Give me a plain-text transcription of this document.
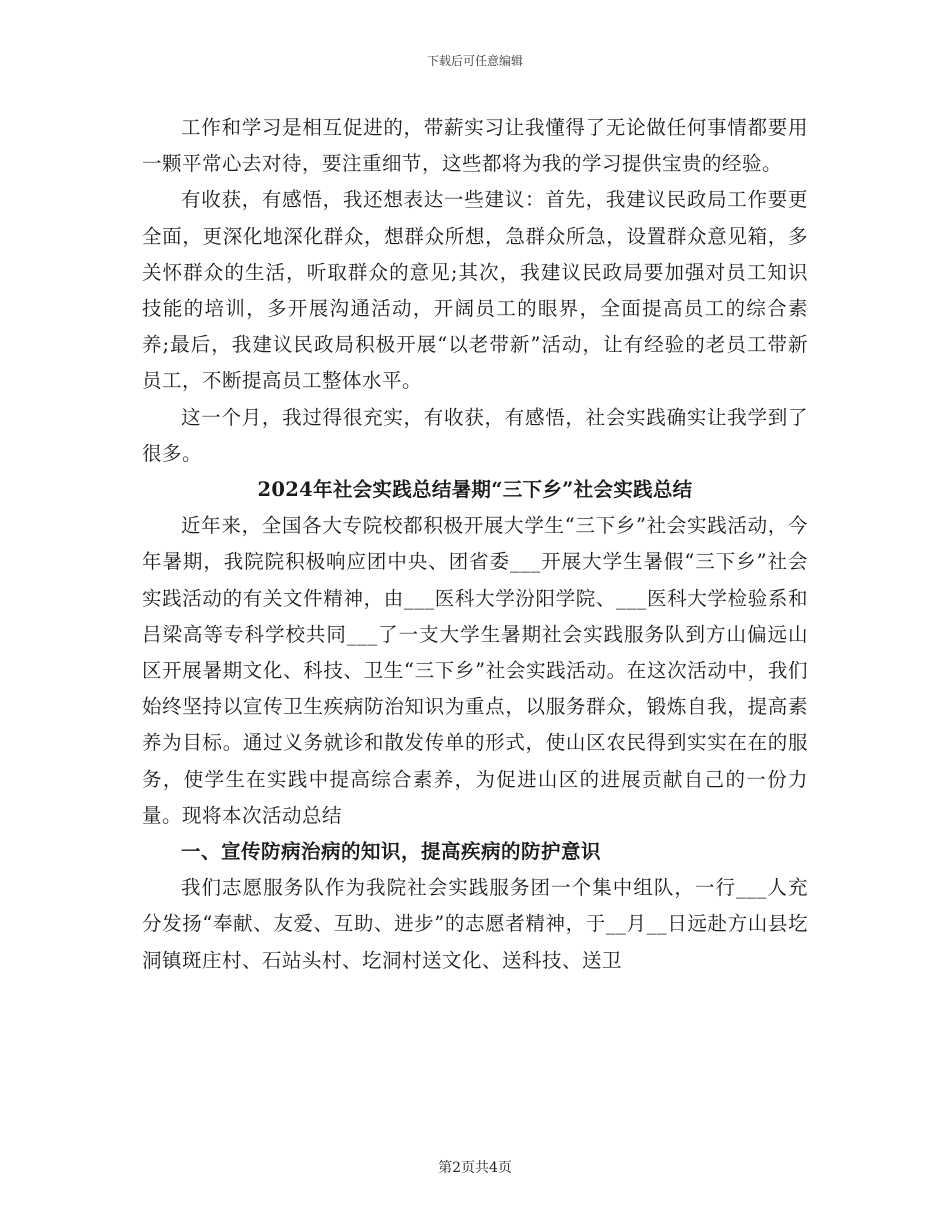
下载后可任意编辑

工作和学习是相互促进的，带薪实习让我懂得了无论做任何事情都要用一颗平常心去对待，要注重细节，这些都将为我的学习提供宝贵的经验。

有收获，有感悟，我还想表达一些建议：首先，我建议民政局工作要更全面，更深化地深化群众，想群众所想，急群众所急，设置群众意见箱，多关怀群众的生活，听取群众的意见;其次，我建议民政局要加强对员工知识技能的培训，多开展沟通活动，开阔员工的眼界，全面提高员工的综合素养;最后，我建议民政局积极开展“以老带新”活动，让有经验的老员工带新员工，不断提高员工整体水平。

这一个月，我过得很充实，有收获，有感悟，社会实践确实让我学到了很多。

2024年社会实践总结暑期“三下乡”社会实践总结

近年来，全国各大专院校都积极开展大学生“三下乡”社会实践活动，今年暑期，我院院积极响应团中央、团省委___开展大学生暑假“三下乡”社会实践活动的有关文件精神，由___医科大学汾阳学院、___医科大学检验系和吕梁高等专科学校共同___了一支大学生暑期社会实践服务队到方山偏远山区开展暑期文化、科技、卫生“三下乡”社会实践活动。在这次活动中，我们始终坚持以宣传卫生疾病防治知识为重点，以服务群众，锻炼自我，提高素养为目标。通过义务就诊和散发传单的形式，使山区农民得到实实在在的服务，使学生在实践中提高综合素养，为促进山区的进展贡献自己的一份力量。现将本次活动总结

一、宣传防病治病的知识，提高疾病的防护意识

我们志愿服务队作为我院社会实践服务团一个集中组队，一行___人充分发扬“奉献、友爱、互助、进步”的志愿者精神，于__月__日远赴方山县圪洞镇斑庄村、石站头村、圪洞村送文化、送科技、送卫

第2页共4页
